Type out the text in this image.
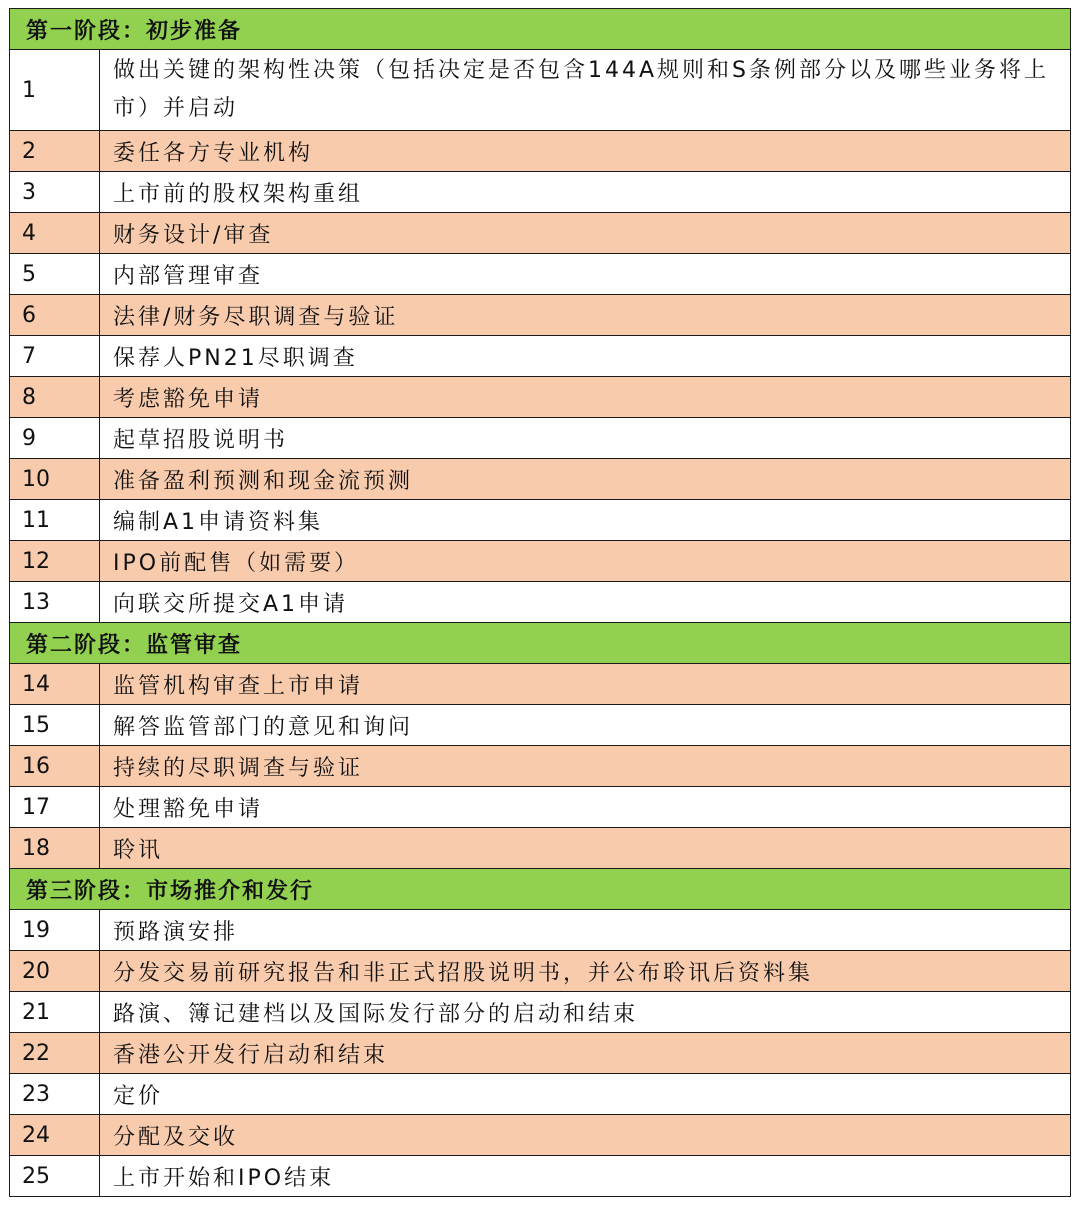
第一阶段：初步准备	
1	做出关键的架构性决策（包括决定是否包含144A规则和S条例部分以及哪些业务将上市）并启动
2	委任各方专业机构
3	上市前的股权架构重组
4	财务设计/审查
5	内部管理审查
6	法律/财务尽职调查与验证
7	保荐人PN21尽职调查
8	考虑豁免申请
9	起草招股说明书
10	准备盈利预测和现金流预测
11	编制A1申请资料集
12	IPO前配售（如需要）
13	向联交所提交A1申请
第二阶段：监管审查	
14	监管机构审查上市申请
15	解答监管部门的意见和询问
16	持续的尽职调查与验证
17	处理豁免申请
18	聆讯
第三阶段：市场推介和发行	
19	预路演安排
20	分发交易前研究报告和非正式招股说明书，并公布聆讯后资料集
21	路演、簿记建档以及国际发行部分的启动和结束
22	香港公开发行启动和结束
23	定价
24	分配及交收
25	上市开始和IPO结束
